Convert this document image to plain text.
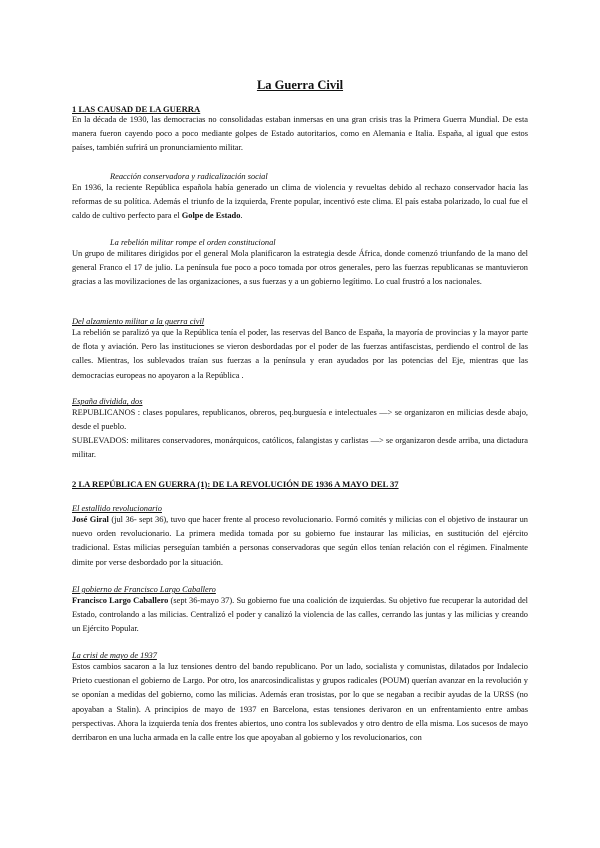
La Guerra Civil
1 LAS CAUSAD DE LA GUERRA
En la década de 1930, las democracias no consolidadas estaban inmersas en una gran crisis tras la Primera Guerra Mundial. De esta manera fueron cayendo poco a poco mediante golpes de Estado autoritarios, como en Alemania e Italia. España, al igual que estos países, también sufrirá un pronunciamiento militar.
Reacción conservadora y radicalización social
En 1936, la reciente República española había generado un clima de violencia y revueltas debido al rechazo conservador hacia las reformas de su política. Además el triunfo de la izquierda, Frente popular, incentivó este clima. El país estaba polarizado, lo cual fue el caldo de cultivo perfecto para el Golpe de Estado.
La rebelión militar rompe el orden constitucional
Un grupo de militares dirigidos por el general Mola planificaron la estrategia desde África, donde comenzó triunfando de la mano del general Franco el 17 de julio. La península fue poco a poco tomada por otros generales, pero las fuerzas republicanas se mantuvieron gracias a las movilizaciones de las organizaciones, a sus fuerzas y a un gobierno legítimo. Lo cual frustró a los nacionales.
Del alzamiento militar a la guerra civil
La rebelión se paralizó ya que la República tenía el poder, las reservas del Banco de España, la mayoría de provincias y la mayor parte de flota y aviación. Pero las instituciones se vieron desbordadas por el poder de las fuerzas antifascistas, perdiendo el control de las calles. Mientras, los sublevados traían sus fuerzas a la península y eran ayudados por las potencias del Eje, mientras que las democracias europeas no apoyaron a la República .
España dividida, dos
REPUBLICANOS : clases populares, republicanos, obreros, peq.burguesía e intelectuales —> se organizaron en milicias desde abajo, desde el pueblo.
SUBLEVADOS: militares conservadores, monárquicos, católicos, falangistas y carlistas —> se organizaron desde arriba, una dictadura militar.
2 LA REPÚBLICA EN GUERRA (1): DE LA REVOLUCIÓN DE 1936 A MAYO DEL 37
El estallido revolucionario
José Giral (jul 36- sept 36), tuvo que hacer frente al proceso revolucionario. Formó comités y milicias con el objetivo de instaurar un nuevo orden revolucionario. La primera medida tomada por su gobierno fue instaurar las milicias, en sustitución del ejército tradicional. Estas milicias perseguían también a personas conservadoras que según ellos tenían relación con el régimen. Finalmente dimite por verse desbordado por la situación.
El gobierno de Francisco Largo Caballero
Francisco Largo Caballero (sept 36-mayo 37). Su gobierno fue una coalición de izquierdas. Su objetivo fue recuperar la autoridad del Estado, controlando a las milicias. Centralizó el poder y canalizó la violencia de las calles, cerrando las juntas y las milicias y creando un Ejército Popular.
La crisi de mayo de 1937
Estos cambios sacaron a la luz tensiones dentro del bando republicano. Por un lado, socialista y comunistas, dilatados por Indalecio Prieto cuestionan el gobierno de Largo. Por otro, los anarcosindicalistas y grupos radicales (POUM) querían avanzar en la revolución y se oponían a medidas del gobierno, como las milicias. Además eran trosistas, por lo que se negaban a recibir ayudas de la URSS (no apoyaban a Stalin). A principios de mayo de 1937 en Barcelona, estas tensiones derivaron en un enfrentamiento entre ambas perspectivas. Ahora la izquierda tenía dos frentes abiertos, uno contra los sublevados y otro dentro de ella misma. Los sucesos de mayo derribaron en una lucha armada en la calle entre los que apoyaban al gobierno y los revolucionarios, con
